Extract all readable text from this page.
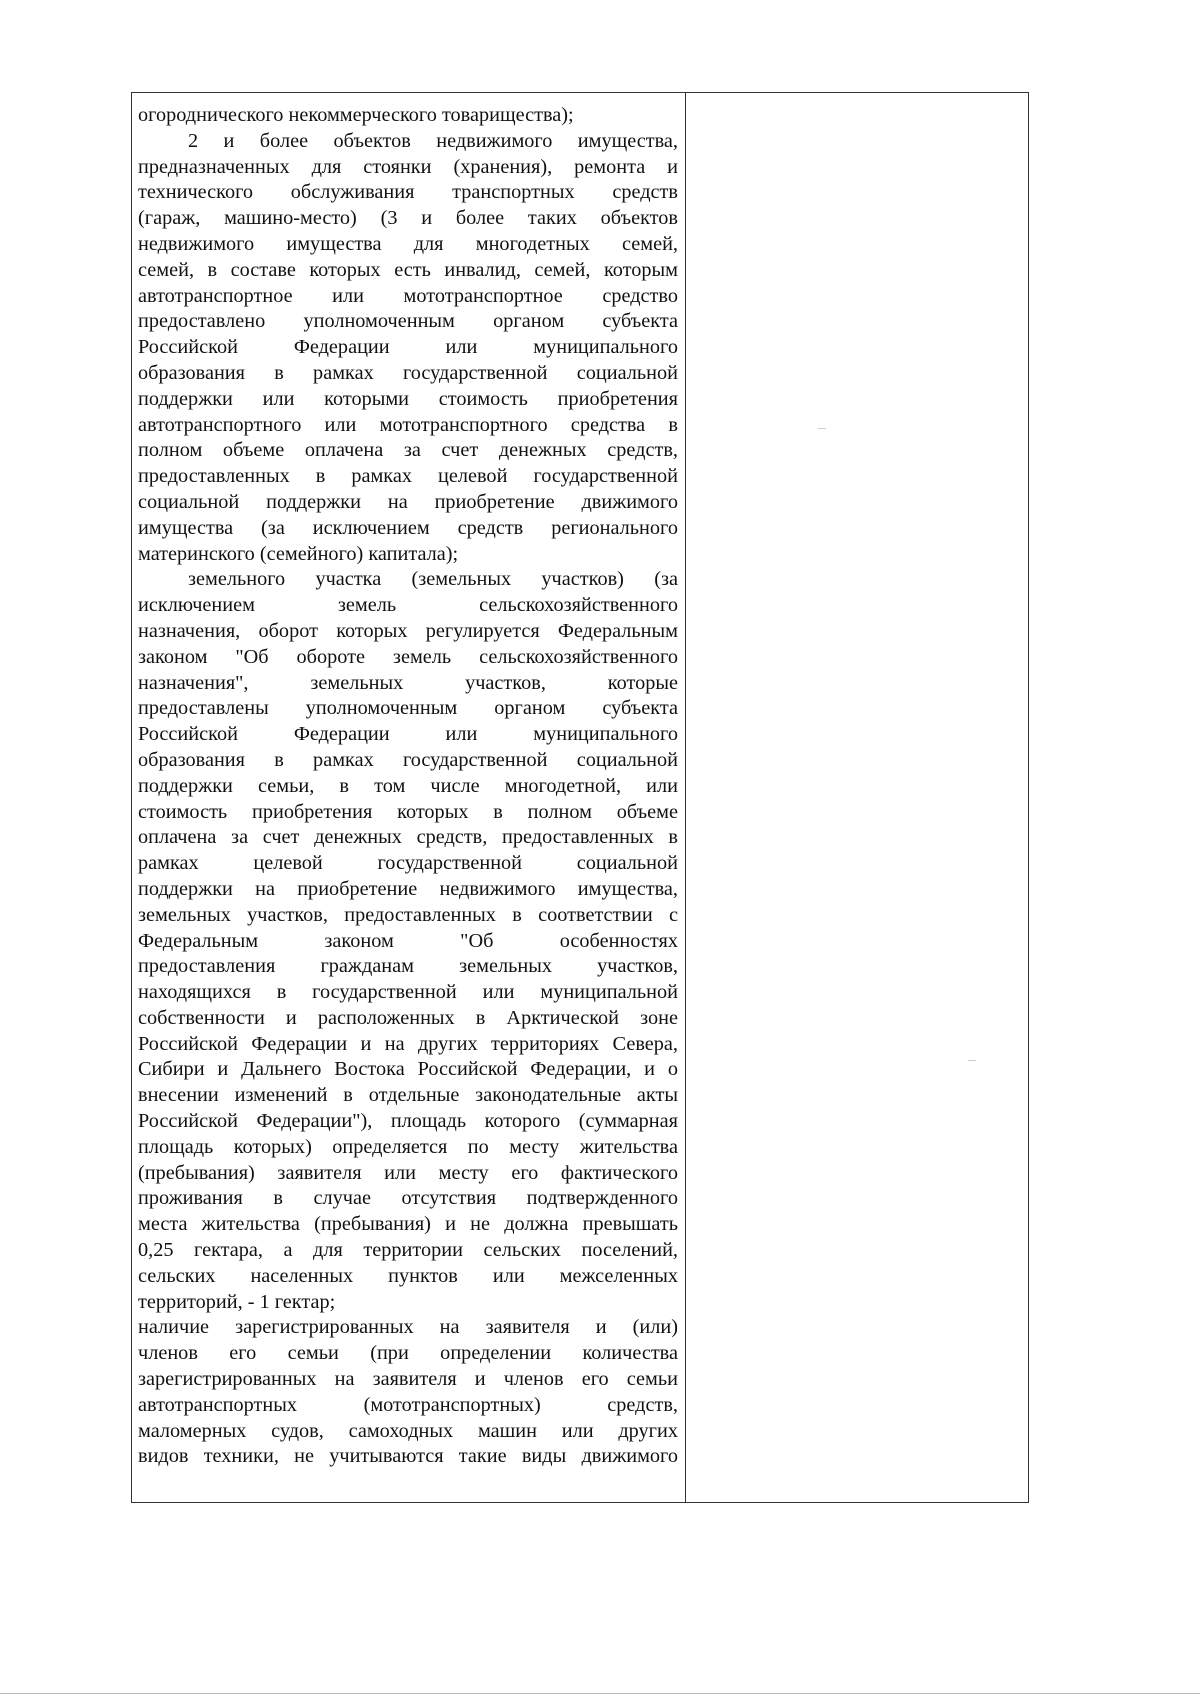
огороднического некоммерческого товарищества);
2 и более объектов недвижимого имущества,
предназначенных для стоянки (хранения), ремонта и
технического обслуживания транспортных средств
(гараж, машино-место) (3 и более таких объектов
недвижимого имущества для многодетных семей,
семей, в составе которых есть инвалид, семей, которым
автотранспортное или мототранспортное средство
предоставлено уполномоченным органом субъекта
Российской Федерации или муниципального
образования в рамках государственной социальной
поддержки или которыми стоимость приобретения
автотранспортного или мототранспортного средства в
полном объеме оплачена за счет денежных средств,
предоставленных в рамках целевой государственной
социальной поддержки на приобретение движимого
имущества (за исключением средств регионального
материнского (семейного) капитала);
земельного участка (земельных участков) (за
исключением земель сельскохозяйственного
назначения, оборот которых регулируется Федеральным
законом "Об обороте земель сельскохозяйственного
назначения", земельных участков, которые
предоставлены уполномоченным органом субъекта
Российской Федерации или муниципального
образования в рамках государственной социальной
поддержки семьи, в том числе многодетной, или
стоимость приобретения которых в полном объеме
оплачена за счет денежных средств, предоставленных в
рамках целевой государственной социальной
поддержки на приобретение недвижимого имущества,
земельных участков, предоставленных в соответствии с
Федеральным законом "Об особенностях
предоставления гражданам земельных участков,
находящихся в государственной или муниципальной
собственности и расположенных в Арктической зоне
Российской Федерации и на других территориях Севера,
Сибири и Дальнего Востока Российской Федерации, и о
внесении изменений в отдельные законодательные акты
Российской Федерации"), площадь которого (суммарная
площадь которых) определяется по месту жительства
(пребывания) заявителя или месту его фактического
проживания в случае отсутствия подтвержденного
места жительства (пребывания) и не должна превышать
0,25 гектара, а для территории сельских поселений,
сельских населенных пунктов или межселенных
территорий, - 1 гектар;
наличие зарегистрированных на заявителя и (или)
членов его семьи (при определении количества
зарегистрированных на заявителя и членов его семьи
автотранспортных (мототранспортных) средств,
маломерных судов, самоходных машин или других
видов техники, не учитываются такие виды движимого
